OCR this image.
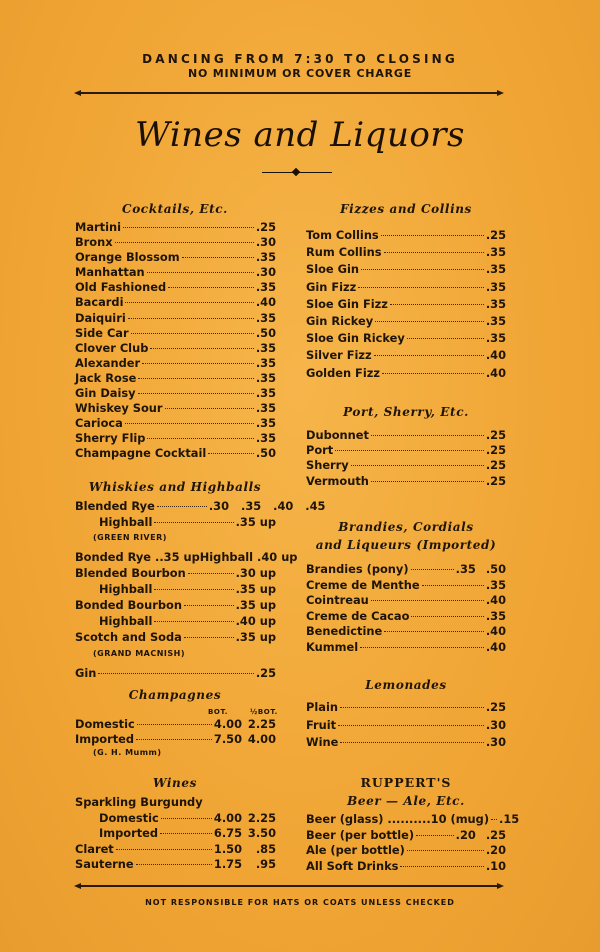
DANCING FROM 7:30 TO CLOSING
NO MINIMUM OR COVER CHARGE
Wines and Liquors
Cocktails, Etc.
Martini	.25
Bronx	.30
Orange Blossom	.35
Manhattan	.30
Old Fashioned	.35
Bacardi	.40
Daiquiri	.35
Side Car	.50
Clover Club	.35
Alexander	.35
Jack Rose	.35
Gin Daisy	.35
Whiskey Sour	.35
Carioca	.35
Sherry Flip	.35
Champagne Cocktail	.50
Whiskies and Highballs
Blended Rye	.30 .35 .40 .45
Highball	.35 up
(GREEN RIVER)
Bonded Rye ..35 up Highball .40 up
Blended Bourbon	.30 up
Highball	.35 up
Bonded Bourbon	.35 up
Highball	.40 up
Scotch and Soda	.35 up
(GRAND MACNISH)
Gin	.25
Champagnes
BOT.	½BOT.
Domestic	4.00 2.25
Imported	7.50 4.00
(G. H. Mumm)
Wines
Sparkling Burgundy
Domestic	4.00 2.25
Imported	6.75 3.50
Claret	1.50	.85
Sauterne	1.75	.95
Fizzes and Collins
Tom Collins	.25
Rum Collins	.35
Sloe Gin	.35
Gin Fizz	.35
Sloe Gin Fizz	.35
Gin Rickey	.35
Sloe Gin Rickey	.35
Silver Fizz	.40
Golden Fizz	.40
Port, Sherry, Etc.
Dubonnet	.25
Port	.25
Sherry	.25
Vermouth	.25
Brandies, Cordials
and Liqueurs (Imported)
Brandies (pony)	.35 .50
Creme de Menthe	.35
Cointreau	.40
Creme de Cacao	.35
Benedictine	.40
Kummel	.40
Lemonades
Plain	.25
Fruit	.30
Wine	.30
RUPPERT'S
Beer — Ale, Etc.
Beer (glass) ..........10 (mug) .15
Beer (per bottle)	.20 .25
Ale (per bottle)	.20
All Soft Drinks	.10
NOT RESPONSIBLE FOR HATS OR COATS UNLESS CHECKED
